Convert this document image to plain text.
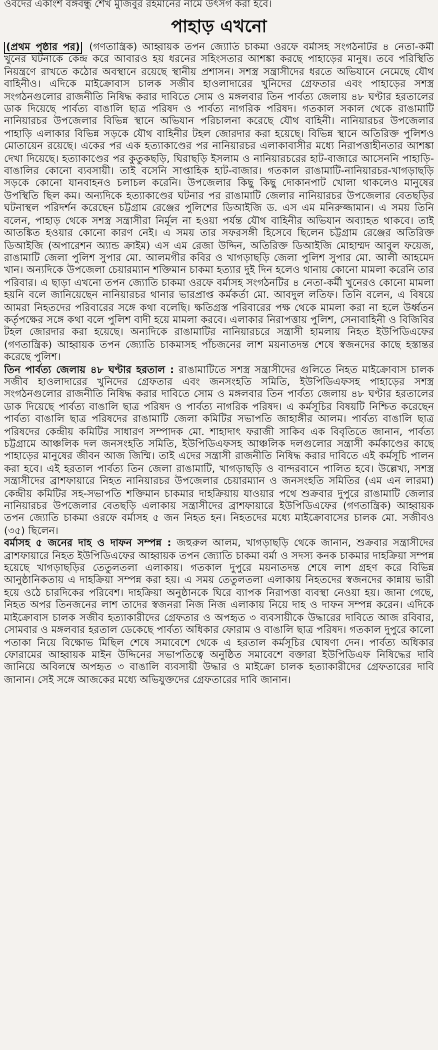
ওবদের একাংশ বঙ্গবন্ধু শেখ মুজিবুর রহমানের নামে উৎসর্গ করা হবে।
পাহাড় এখনো

(প্রথম পৃষ্ঠার পর) (গণতান্ত্রিক) আহ্বায়ক তপন জ্যোতি চাকমা ওরফে বর্মাসহ সংগঠনটির ৪ নেতা-কর্মী খুনের ঘটনাকে কেন্দ্র করে আবারও হয় ধরনের সহিংসতার আশঙ্কা করছে পাহাড়ের মানুষ। তবে পরিস্থিতি নিয়ন্ত্রণে রাখতে কঠোর অবস্থানে রয়েছে স্থানীয় প্রশাসন। সশস্ত্র সন্ত্রাসীদের ধরতে অভিযানে নেমেছে যৌথ বাহিনীও। এদিকে মাইক্রোবাস চালক সজীব হাওলাদারের খুনিদের গ্রেফতার এবং পাহাড়ের সশস্ত্র সংগঠনগুলোর রাজনীতি নিষিদ্ধ করার দাবিতে সোম ও মঙ্গলবার তিন পার্বত্য জেলায় ৪৮ ঘণ্টার হরতালের ডাক দিয়েছে পার্বত্য বাঙালি ছাত্র পরিষদ ও পার্বত্য নাগরিক পরিষদ। গতকাল সকাল থেকে রাঙামাটি নানিয়ারচর উপজেলার বিভিন্ন স্থানে অভিযান পরিচালনা করেছে যৌথ বাহিনী। নানিয়ারচর উপজেলার পাহাড়ি এলাকার বিভিন্ন সড়কে যৌথ বাহিনীর টহল জোরদার করা হয়েছে। বিভিন্ন স্থানে অতিরিক্ত পুলিশও মোতায়েন রয়েছে। একের পর এক হত্যাকাণ্ডের পর নানিয়ারচর এলাকাবাসীর মধ্যে নিরাপত্তাহীনতার আশঙ্কা দেখা দিয়েছে। হত্যাকাণ্ডের পর কুতুকছড়ি, ঘিরাছড়ি ইসলাম ও নানিয়ারচরের হাট-বাজারে আসেননি পাহাড়ি-বাঙালির কোনো ব্যবসায়ী। তাই বসেনি সাপ্তাহিক হাট-বাজার। গতকাল রাঙামাটি-নানিয়ারচর-খাগড়াছড়ি সড়কে কোনো যানবাহনও চলাচল করেনি। উপজেলার কিছু কিছু দোকানপাট খোলা থাকলেও মানুষের উপস্থিতি ছিল কম। অন্যদিকে হত্যাকাণ্ডের ঘটনার পর রাঙামাটি জেলার নানিয়ারচর উপজেলার বেতছড়ির ঘটনাস্থল পরিদর্শন করেছেন চট্টগ্রাম রেঞ্জের পুলিশের ডিআইজি ড. এস এম মনিরুজ্জামান। এ সময় তিনি বলেন, পাহাড় থেকে সশস্ত্র সন্ত্রাসীরা নির্মূল না হওয়া পর্যন্ত যৌথ বাহিনীর অভিযান অব্যাহত থাকবে। তাই আতঙ্কিত হওয়ার কোনো কারণ নেই। এ সময় তার সফরসঙ্গী হিসেবে ছিলেন চট্টগ্রাম রেঞ্জের অতিরিক্ত ডিআইজি (অপারেশন অ্যান্ড ক্রাইম) এস এম রেজা উদ্দিন, অতিরিক্ত ডিআইজি মোহাম্মদ আবুল ফয়েজ, রাঙামাটি জেলা পুলিশ সুপার মো. আলমগীর কবির ও খাগড়াছড়ি জেলা পুলিশ সুপার মো. আলী আহমেদ খান। অন্যদিকে উপজেলা চেয়ারম্যান শক্তিমান চাকমা হত্যার দুই দিন হলেও থানায় কোনো মামলা করেনি তার পরিবার। এ ছাড়া এখনো তপন জ্যোতি চাকমা ওরফে বর্মাসহ সংগঠনটির ৪ নেতা-কর্মী খুনেরও কোনো মামলা হয়নি বলে জানিয়েছেন নানিয়ারচর থানার ভারপ্রাপ্ত কর্মকর্তা মো. আবদুল লতিফ। তিনি বলেন, এ বিষয়ে আমরা নিহতদের পরিবারের সঙ্গে কথা বলেছি। ক্ষতিগ্রস্ত পরিবারের পক্ষ থেকে মামলা করা না হলে উর্ধ্বতন কর্তৃপক্ষের সঙ্গে কথা বলে পুলিশ বাদী হয়ে মামলা করবে। এলাকার নিরাপত্তায় পুলিশ, সেনাবাহিনী ও বিজিবির টহল জোরদার করা হয়েছে। অন্যদিকে রাঙামাটির নানিয়ারচরে সন্ত্রাসী হামলায় নিহত ইউপিডিএফের (গণতান্ত্রিক) আহ্বায়ক তপন জ্যোতি চাকমাসহ পাঁচজনের লাশ ময়নাতদন্ত শেষে স্বজনদের কাছে হস্তান্তর করেছে পুলিশ।

তিন পার্বত্য জেলায় ৪৮ ঘণ্টার হরতাল : রাঙামাটিতে সশস্ত্র সন্ত্রাসীদের গুলিতে নিহত মাইক্রোবাস চালক সজীব হাওলাদারের খুনিদের গ্রেফতার এবং জনসংহতি সমিতি, ইউপিডিএফসহ পাহাড়ের সশস্ত্র সংগঠনগুলোর রাজনীতি নিষিদ্ধ করার দাবিতে সোম ও মঙ্গলবার তিন পার্বত্য জেলায় ৪৮ ঘণ্টার হরতালের ডাক দিয়েছে পার্বত্য বাঙালি ছাত্র পরিষদ ও পার্বত্য নাগরিক পরিষদ। এ কর্মসূচির বিষয়টি নিশ্চিত করেছেন পার্বত্য বাঙালি ছাত্র পরিষদের রাঙামাটি জেলা কমিটির সভাপতি জাহাঙ্গীর আলম। পার্বত্য বাঙালি ছাত্র পরিষদের কেন্দ্রীয় কমিটির সাধারণ সম্পাদক মো. শাহাদাৎ ফরাজী সাকিব এক বিবৃতিতে জানান, পার্বত্য চট্টগ্রামে আঞ্চলিক দল জনসংহতি সমিতি, ইউপিডিএফসহ আঞ্চলিক দলগুলোর সন্ত্রাসী কর্মকাণ্ডের কাছে পাহাড়ের মানুষের জীবন আজ জিম্মি। তাই এদের সন্ত্রাসী রাজনীতি নিষিদ্ধ করার দাবিতে এই কর্মসূচি পালন করা হবে। এই হরতাল পার্বত্য তিন জেলা রাঙামাটি, খাগড়াছড়ি ও বান্দরবানে পালিত হবে। উল্লেখ্য, সশস্ত্র সন্ত্রাসীদের ব্রাশফায়ারে নিহত নানিয়ারচর উপজেলার চেয়ারম্যান ও জনসংহতি সমিতির (এম এন লারমা) কেন্দ্রীয় কমিটির সহ-সভাপতি শক্তিমান চাকমার দাহক্রিয়ায় যাওয়ার পথে শুক্রবার দুপুরে রাঙামাটি জেলার নানিয়ারচর উপজেলার বেতছড়ি এলাকায় সন্ত্রাসীদের ব্রাশফায়ারে ইউপিডিএফের (গণতান্ত্রিক) আহ্বায়ক তপন জ্যোতি চাকমা ওরফে বর্মাসহ ৫ জন নিহত হন। নিহতদের মধ্যে মাইক্রোবাসের চালক মো. সজীবও (৩৫) ছিলেন।

বর্মাসহ ৫ জনের দাহ ও দাফন সম্পন্ন : জহুরুল আলম, খাগড়াছড়ি থেকে জানান, শুক্রবার সন্ত্রাসীদের ব্রাশফায়ারে নিহত ইউপিডিএফের আহ্বায়ক তপন জ্যোতি চাকমা বর্মা ও সদস্য কনক চাকমার দাহক্রিয়া সম্পন্ন হয়েছে খাগড়াছড়ির তেতুলতলা এলাকায়। গতকাল দুপুরে ময়নাতদন্ত শেষে লাশ গ্রহণ করে বিভিন্ন আনুষ্ঠানিকতায় এ দাহক্রিয়া সম্পন্ন করা হয়। এ সময় তেতুলতলা এলাকায় নিহতদের স্বজনদের কান্নায় ভারী হয়ে ওঠে চারদিকের পরিবেশ। দাহক্রিয়া অনুষ্ঠানকে ঘিরে ব্যাপক নিরাপত্তা ব্যবস্থা নেওয়া হয়। জানা গেছে, নিহত অপর তিনজনের লাশ তাদের স্বজনরা নিজ নিজ এলাকায় নিয়ে দাহ ও দাফন সম্পন্ন করেন। এদিকে মাইক্রোবাস চালক সজীব হত্যাকারীদের গ্রেফতার ও অপহৃত ৩ ব্যবসায়ীকে উদ্ধারের দাবিতে আজ রবিবার, সোমবার ও মঙ্গলবার হরতাল ডেকেছে পার্বত্য অধিকার ফোরাম ও বাঙালি ছাত্র পরিষদ। গতকাল দুপুরে কালো পতাকা নিয়ে বিক্ষোভ মিছিল শেষে সমাবেশে থেকে এ হরতাল কর্মসূচির ঘোষণা দেন। পার্বত্য অধিকার ফোরামের আহ্বায়ক মাইন উদ্দিনের সভাপতিত্বে অনুষ্ঠিত সমাবেশে বক্তারা ইউপিডিএফ নিষিদ্ধের দাবি জানিয়ে অবিলম্বে অপহৃত ৩ বাঙালি ব্যবসায়ী উদ্ধার ও মাইক্রো চালক হত্যাকারীদের গ্রেফতারের দাবি জানান। সেই সঙ্গে আজকের মধ্যে অভিযুক্তদের গ্রেফতারের দাবি জানান।
